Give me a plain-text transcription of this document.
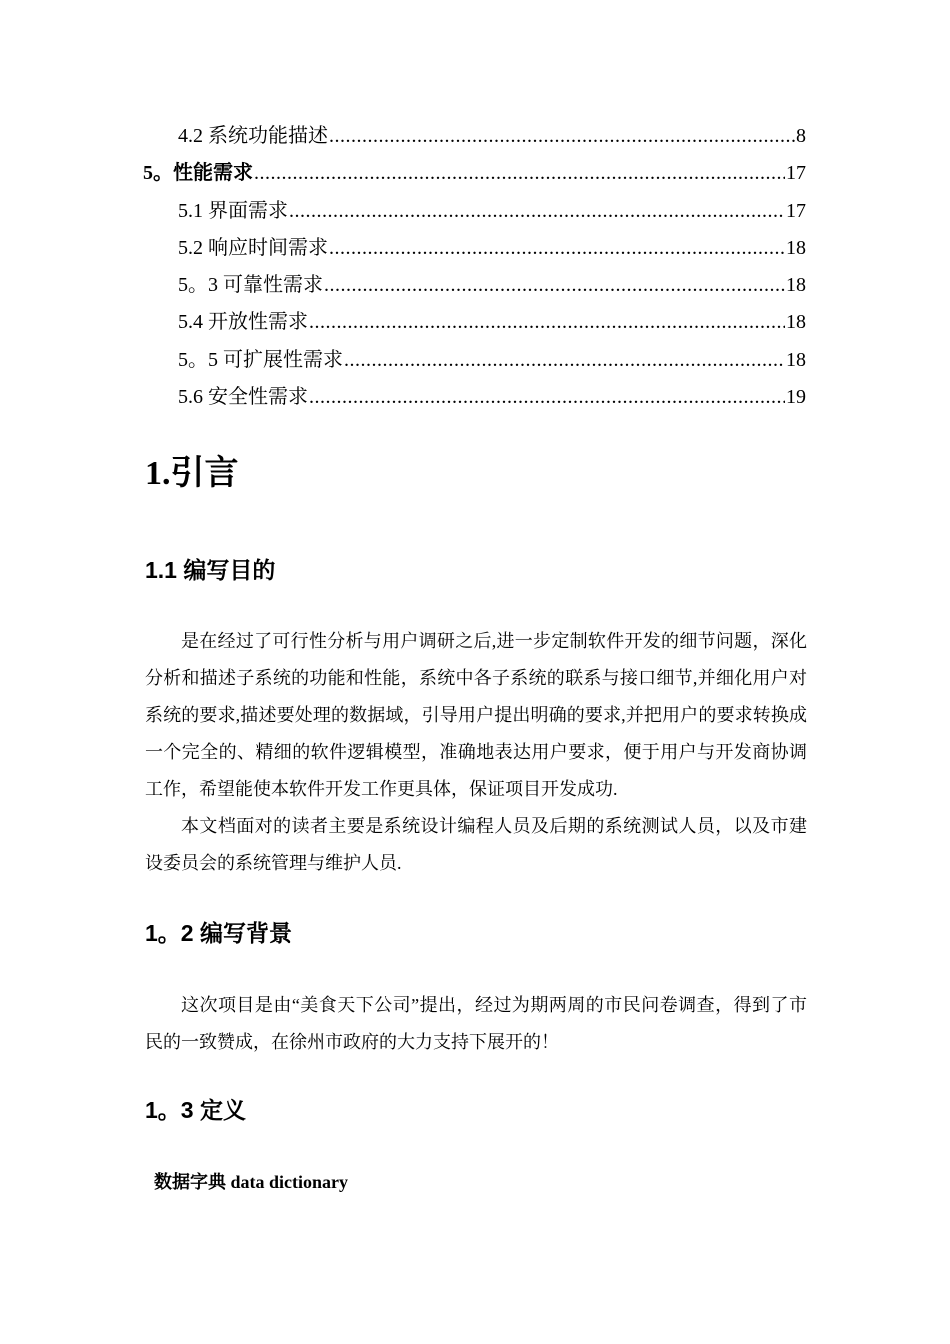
4.2 系统功能描述 .....	8
5。性能需求 .....	17
5.1 界面需求 .....	17
5.2 响应时间需求 .....	18
5。3 可靠性需求 .....	18
5.4 开放性需求 .....	18
5。5 可扩展性需求 .....	18
5.6 安全性需求 .....	19
1.引言
1.1 编写目的

是在经过了可行性分析与用户调研之后,进一步定制软件开发的细节问题，深化分析和描述子系统的功能和性能，系统中各子系统的联系与接口细节,并细化用户对系统的要求,描述要处理的数据域，引导用户提出明确的要求,并把用户的要求转换成一个完全的、精细的软件逻辑模型，准确地表达用户要求，便于用户与开发商协调工作，希望能使本软件开发工作更具体，保证项目开发成功.

本文档面对的读者主要是系统设计编程人员及后期的系统测试人员，以及市建设委员会的系统管理与维护人员.

1。2 编写背景

这次项目是由“美食天下公司”提出，经过为期两周的市民问卷调查，得到了市民的一致赞成，在徐州市政府的大力支持下展开的！

1。3 定义

数据字典 data dictionary
